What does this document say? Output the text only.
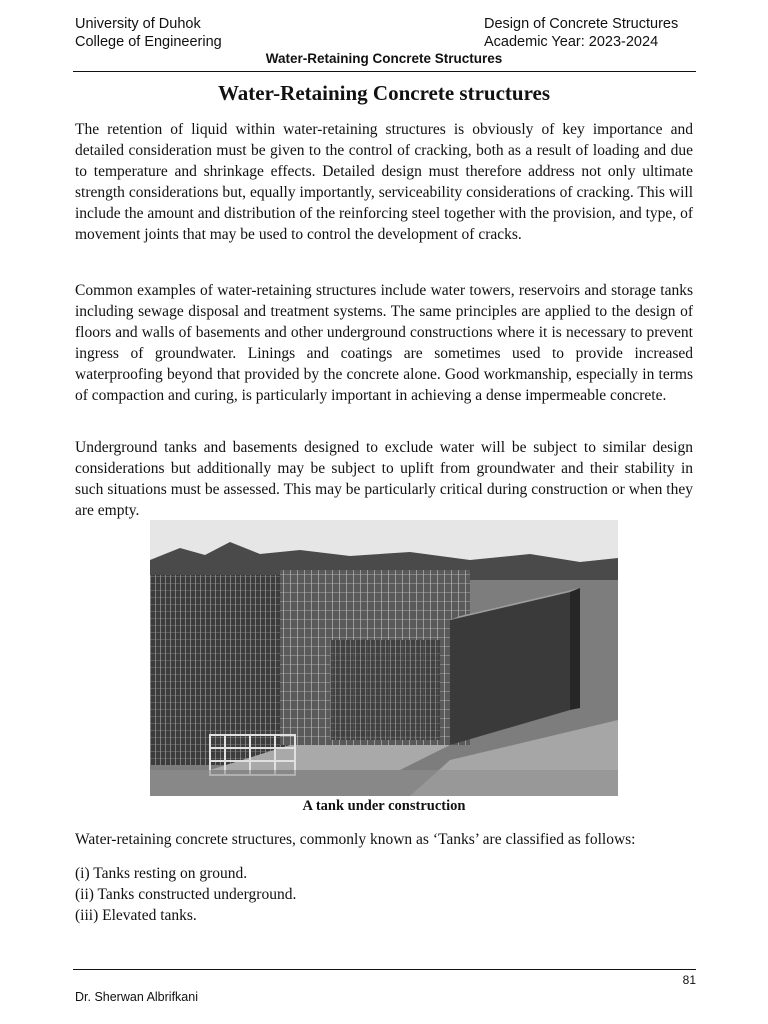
University of Duhok
College of Engineering
Design of Concrete Structures
Academic Year: 2023-2024
Water-Retaining Concrete Structures
Water-Retaining Concrete structures
The retention of liquid within water-retaining structures is obviously of key importance and detailed consideration must be given to the control of cracking, both as a result of loading and due to temperature and shrinkage effects. Detailed design must therefore address not only ultimate strength considerations but, equally importantly, serviceability considerations of cracking. This will include the amount and distribution of the reinforcing steel together with the provision, and type, of movement joints that may be used to control the development of cracks.
Common examples of water-retaining structures include water towers, reservoirs and storage tanks including sewage disposal and treatment systems. The same principles are applied to the design of floors and walls of basements and other underground constructions where it is necessary to prevent ingress of groundwater. Linings and coatings are sometimes used to provide increased waterproofing beyond that provided by the concrete alone. Good workmanship, especially in terms of compaction and curing, is particularly important in achieving a dense impermeable concrete.
Underground tanks and basements designed to exclude water will be subject to similar design considerations but additionally may be subject to uplift from groundwater and their stability in such situations must be assessed. This may be particularly critical during construction or when they are empty.
A tank under construction
Water-retaining concrete structures, commonly known as ‘Tanks’ are classified as follows:
(i) Tanks resting on ground.
(ii) Tanks constructed underground.
(iii) Elevated tanks.
81
Dr. Sherwan Albrifkani
